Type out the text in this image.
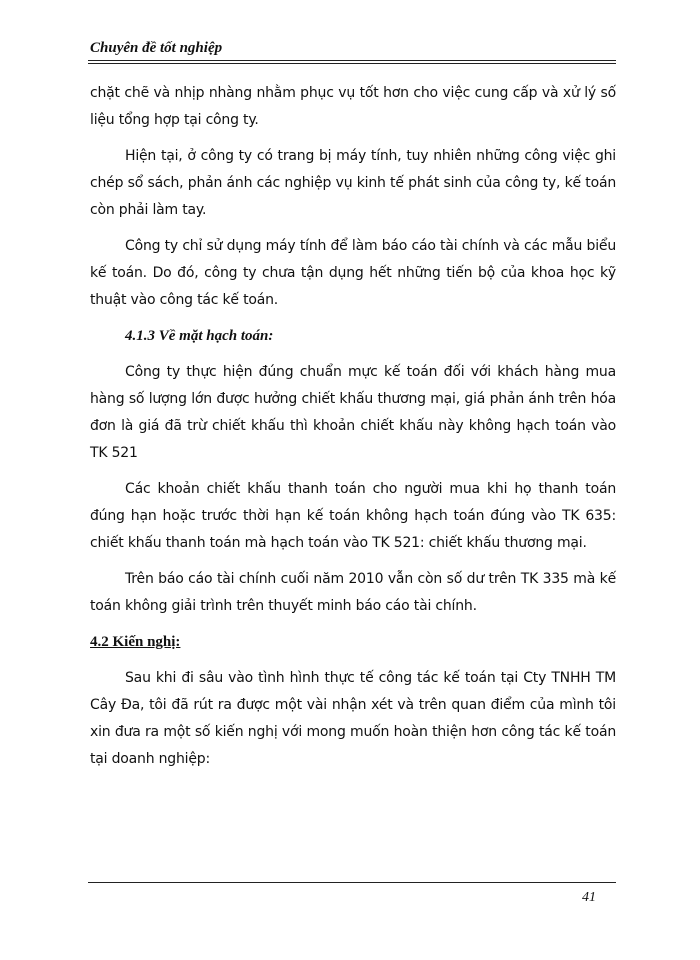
Chuyên đề tốt nghiệp

chặt chẽ và nhịp nhàng nhằm phục vụ tốt hơn cho việc cung cấp và xử lý số liệu tổng hợp tại công ty.

Hiện tại, ở công ty có trang bị máy tính, tuy nhiên những công việc ghi chép sổ sách, phản ánh các nghiệp vụ kinh tế phát sinh của công ty, kế toán còn phải làm tay.

Công ty chỉ sử dụng máy tính để làm báo cáo tài chính và các mẫu biểu kế toán. Do đó, công ty chưa tận dụng hết những tiến bộ của khoa học kỹ thuật vào công tác kế toán.

4.1.3 Về mặt hạch toán:

Công ty thực hiện đúng chuẩn mực kế toán đối với khách hàng mua hàng số lượng lớn được hưởng chiết khấu thương mại, giá phản ánh trên hóa đơn là giá đã trừ chiết khấu thì khoản chiết khấu này không hạch toán vào TK 521

Các khoản chiết khấu thanh toán cho người mua khi họ thanh toán đúng hạn hoặc trước thời hạn kế toán không hạch toán đúng vào TK 635: chiết khấu thanh toán mà hạch toán vào TK 521: chiết khấu thương mại.

Trên báo cáo tài chính cuối năm 2010 vẫn còn số dư trên TK 335 mà kế toán không giải trình trên thuyết minh báo cáo tài chính.

4.2 Kiến nghị:

Sau khi đi sâu vào tình hình thực tế công tác kế toán tại Cty TNHH TM Cây Đa, tôi đã rút ra được một vài nhận xét và trên quan điểm của mình tôi xin đưa ra một số kiến nghị với mong muốn hoàn thiện hơn công tác kế toán tại doanh nghiệp:

41
